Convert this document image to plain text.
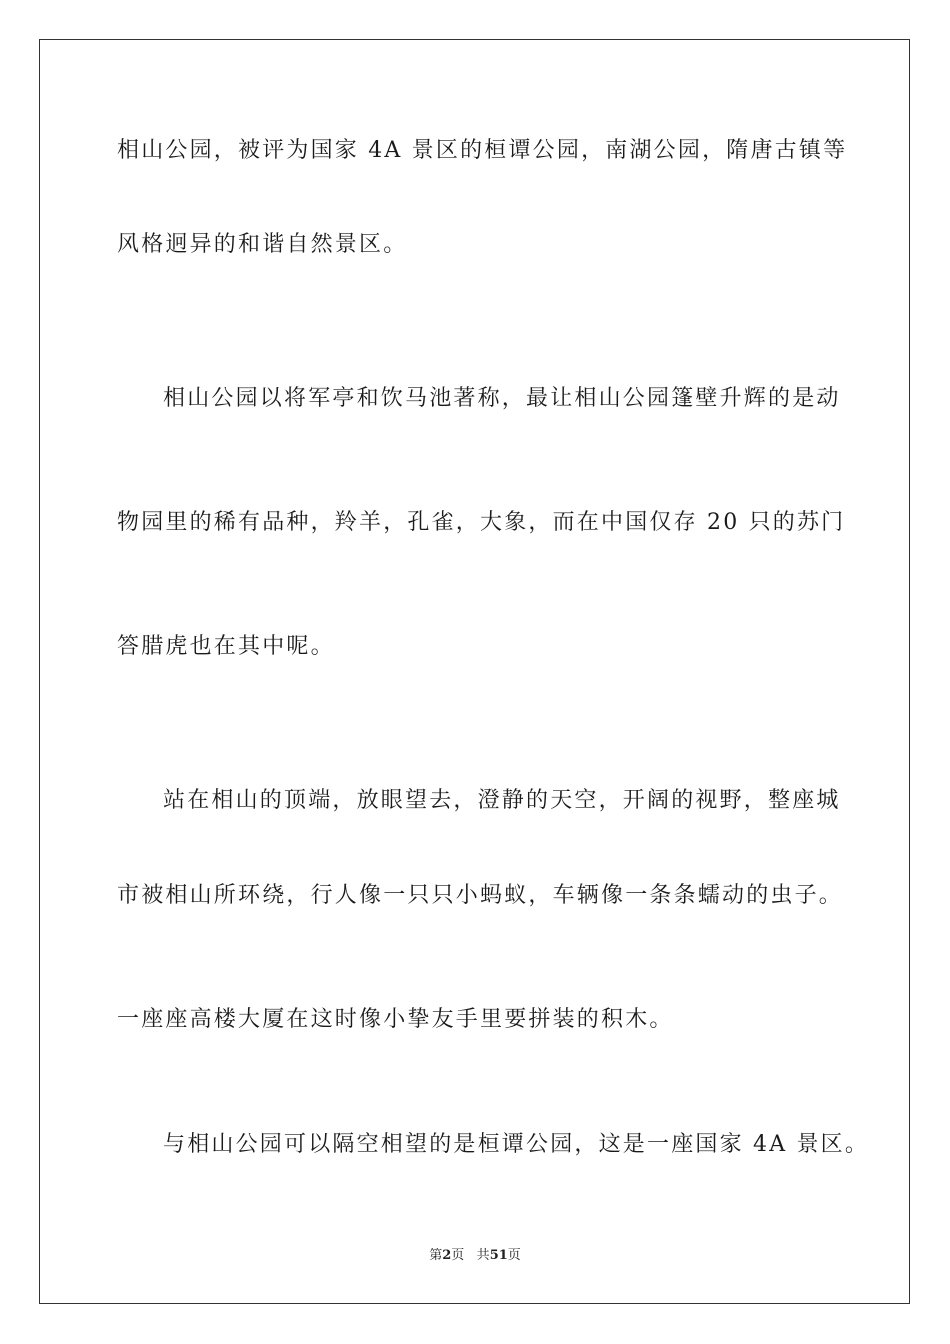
相山公园，被评为国家 4A 景区的桓谭公园，南湖公园，隋唐古镇等
风格迥异的和谐自然景区。
相山公园以将军亭和饮马池著称，最让相山公园篷壁升辉的是动
物园里的稀有品种，羚羊，孔雀，大象，而在中国仅存 20 只的苏门
答腊虎也在其中呢。
站在相山的顶端，放眼望去，澄静的天空，开阔的视野，整座城
市被相山所环绕，行人像一只只小蚂蚁，车辆像一条条蠕动的虫子。
一座座高楼大厦在这时像小挚友手里要拼装的积木。
与相山公园可以隔空相望的是桓谭公园，这是一座国家 4A 景区。
第2页 共51页
